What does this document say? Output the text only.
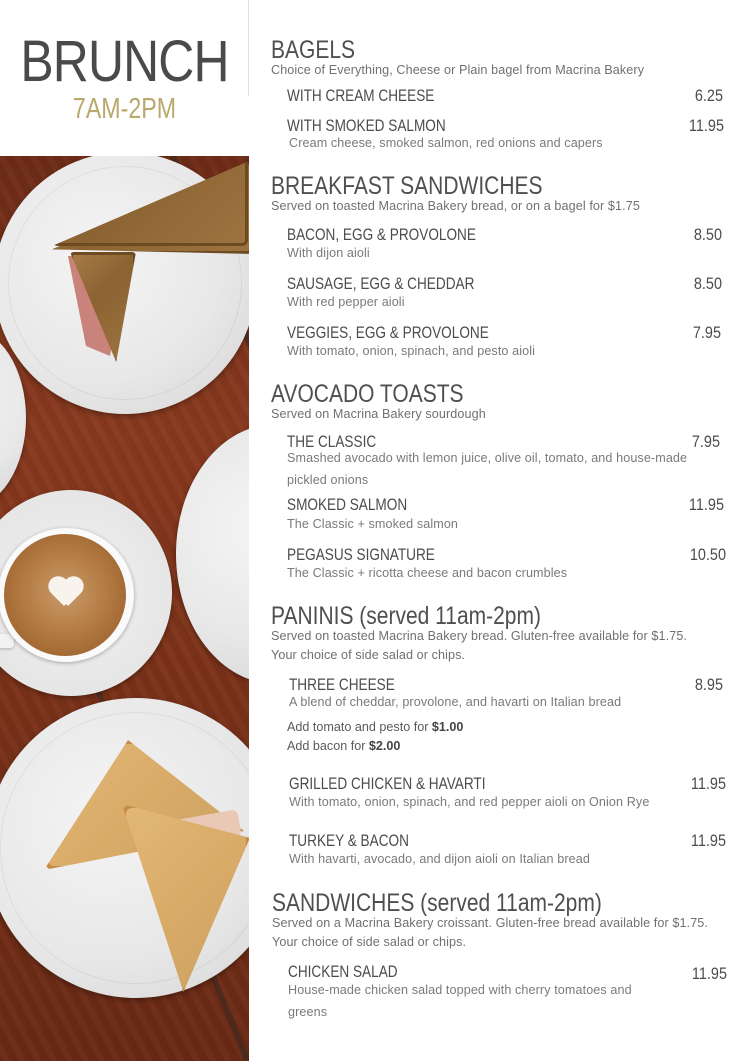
BRUNCH
7AM-2PM
BAGELS
Choice of Everything, Cheese or Plain bagel from Macrina Bakery
WITH CREAM CHEESE	6.25
WITH SMOKED SALMON	11.95
Cream cheese, smoked salmon, red onions and capers
BREAKFAST SANDWICHES
Served on toasted Macrina Bakery bread, or on a bagel for $1.75
BACON, EGG & PROVOLONE	8.50
With dijon aioli
SAUSAGE, EGG & CHEDDAR	8.50
With red pepper aioli
VEGGIES, EGG & PROVOLONE	7.95
With tomato, onion, spinach, and pesto aioli
AVOCADO TOASTS
Served on Macrina Bakery sourdough
THE CLASSIC	7.95
Smashed avocado with lemon juice, olive oil, tomato, and house-made pickled onions
SMOKED SALMON	11.95
The Classic + smoked salmon
PEGASUS SIGNATURE	10.50
The Classic + ricotta cheese and bacon crumbles
PANINIS (served 11am-2pm)
Served on toasted Macrina Bakery bread. Gluten-free available for $1.75.
Your choice of side salad or chips.
THREE CHEESE	8.95
A blend of cheddar, provolone, and havarti on Italian bread
Add tomato and pesto for $1.00
Add bacon for $2.00
GRILLED CHICKEN & HAVARTI	11.95
With tomato, onion, spinach, and red pepper aioli on Onion Rye
TURKEY & BACON	11.95
With havarti, avocado, and dijon aioli on Italian bread
SANDWICHES (served 11am-2pm)
Served on a Macrina Bakery croissant. Gluten-free bread available for $1.75.
Your choice of side salad or chips.
CHICKEN SALAD	11.95
House-made chicken salad topped with cherry tomatoes and greens
